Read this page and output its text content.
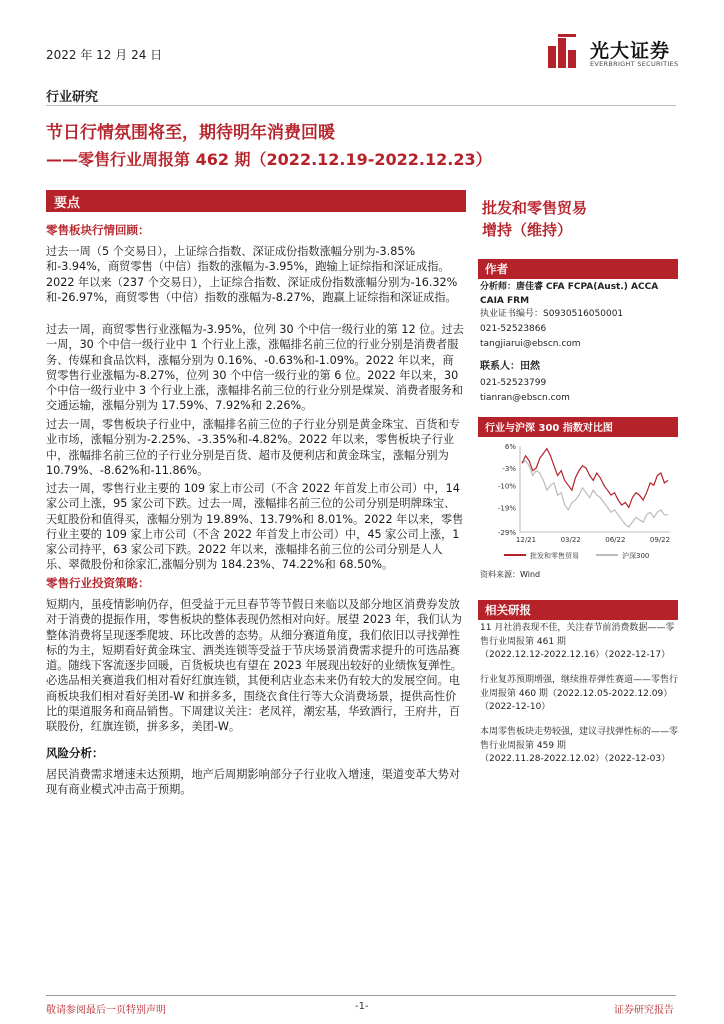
2022 年 12 月 24 日	光大证券
EVERBRIGHT SECURITIES
行业研究
节日行情氛围将至，期待明年消费回暖
——零售行业周报第 462 期（2022.12.19-2022.12.23）
要点
零售板块行情回顾：
过去一周（5 个交易日），上证综合指数、深证成份指数涨幅分别为-3.85%和-3.94%，商贸零售（中信）指数的涨幅为-3.95%，跑输上证综指和深证成指。2022 年以来（237 个交易日），上证综合指数、深证成份指数涨幅分别为-16.32%和-26.97%，商贸零售（中信）指数的涨幅为-8.27%，跑赢上证综指和深证成指。
过去一周，商贸零售行业涨幅为-3.95%，位列 30 个中信一级行业的第 12 位。过去一周，30 个中信一级行业中 1 个行业上涨，涨幅排名前三位的行业分别是消费者服务、传媒和食品饮料，涨幅分别为 0.16%、-0.63%和-1.09%。2022 年以来，商贸零售行业涨幅为-8.27%，位列 30 个中信一级行业的第 6 位。2022 年以来，30 个中信一级行业中 3 个行业上涨，涨幅排名前三位的行业分别是煤炭、消费者服务和交通运输，涨幅分别为 17.59%、7.92%和 2.26%。
过去一周，零售板块子行业中，涨幅排名前三位的子行业分别是黄金珠宝、百货和专业市场，涨幅分别为-2.25%、-3.35%和-4.82%。2022 年以来，零售板块子行业中，涨幅排名前三位的子行业分别是百货、超市及便利店和黄金珠宝，涨幅分别为 10.79%、-8.62%和-11.86%。
过去一周，零售行业主要的 109 家上市公司（不含 2022 年首发上市公司）中，14 家公司上涨，95 家公司下跌。过去一周，涨幅排名前三位的公司分别是明牌珠宝、天虹股份和值得买，涨幅分别为 19.89%、13.79%和 8.01%。2022 年以来，零售行业主要的 109 家上市公司（不含 2022 年首发上市公司）中，45 家公司上涨，1 家公司持平，63 家公司下跌。2022 年以来，涨幅排名前三位的公司分别是人人乐、翠微股份和徐家汇,涨幅分别为 184.23%、74.22%和 68.50%。
零售行业投资策略：
短期内，虽疫情影响仍存，但受益于元旦春节等节假日来临以及部分地区消费券发放对于消费的提振作用，零售板块的整体表现仍然相对向好。展望 2023 年，我们认为整体消费将呈现逐季爬坡、环比改善的态势。从细分赛道角度，我们依旧以寻找弹性标的为主，短期看好黄金珠宝、酒类连锁等受益于节庆场景消费需求提升的可选品赛道。随线下客流逐步回暖，百货板块也有望在 2023 年展现出较好的业绩恢复弹性。必选品相关赛道我们相对看好红旗连锁，其便利店业态未来仍有较大的发展空间。电商板块我们相对看好美团-W 和拼多多，围绕衣食住行等大众消费场景，提供高性价比的渠道服务和商品销售。下周建议关注：老凤祥，潮宏基，华致酒行，王府井，百联股份，红旗连锁，拼多多，美团-W。
风险分析：
居民消费需求增速未达预期，地产后周期影响部分子行业收入增速，渠道变革大势对现有商业模式冲击高于预期。
批发和零售贸易
增持（维持）
作者
分析师：唐佳睿 CFA FCPA(Aust.) ACCA CAIA FRM
执业证书编号：S0930516050001
021-52523866
tangjiarui@ebscn.com
联系人：田然
021-52523799
tianran@ebscn.com
行业与沪深 300 指数对比图
6%
-3%
-10%
-19%
-29%
12/21	03/22	06/22	09/22
批发和零售贸易	沪深300
资料来源：Wind
相关研报
11 月社消表现不佳，关注春节前消费数据——零售行业周报第 461 期
（2022.12.12-2022.12.16）（2022-12-17）
行业复苏预期增强，继续推荐弹性赛道——零售行业周报第 460 期（2022.12.05-2022.12.09）
（2022-12-10）
本周零售板块走势较强，建议寻找弹性标的——零售行业周报第 459 期
（2022.11.28-2022.12.02）（2022-12-03）
敬请参阅最后一页特别声明	-1-	证券研究报告
